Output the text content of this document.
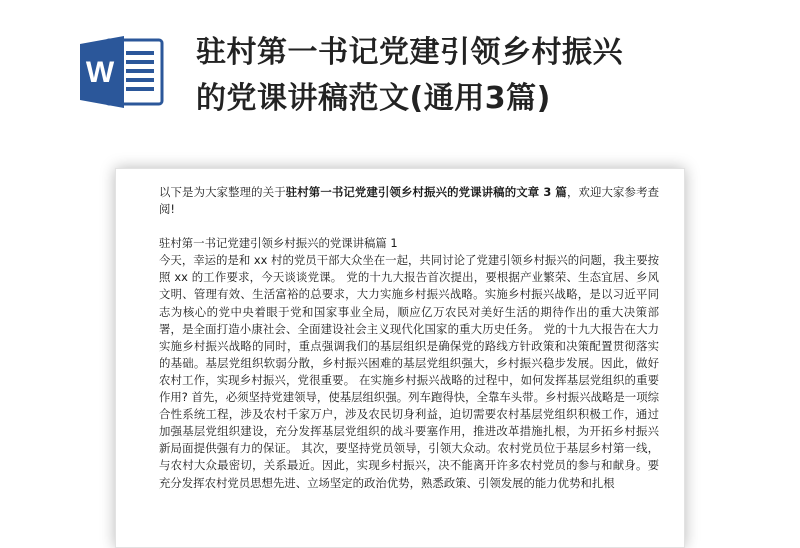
W
驻村第一书记党建引领乡村振兴
的党课讲稿范文(通用3篇)

以下是为大家整理的关于驻村第一书记党建引领乡村振兴的党课讲稿的文章 3 篇，欢迎大家参考查阅!

驻村第一书记党建引领乡村振兴的党课讲稿篇 1

今天，幸运的是和 xx 村的党员干部大众坐在一起，共同讨论了党建引领乡村振兴的问题，我主要按照 xx 的工作要求，今天谈谈党课。 党的十九大报告首次提出，要根据产业繁荣、生态宜居、乡风文明、管理有效、生活富裕的总要求，大力实施乡村振兴战略。实施乡村振兴战略，是以习近平同志为核心的党中央着眼于党和国家事业全局，顺应亿万农民对美好生活的期待作出的重大决策部署，是全面打造小康社会、全面建设社会主义现代化国家的重大历史任务。 党的十九大报告在大力实施乡村振兴战略的同时，重点强调我们的基层组织是确保党的路线方针政策和决策配置贯彻落实的基础。基层党组织软弱分散，乡村振兴困难的基层党组织强大，乡村振兴稳步发展。因此，做好农村工作，实现乡村振兴，党很重要。 在实施乡村振兴战略的过程中，如何发挥基层党组织的重要作用? 首先，必须坚持党建领导，使基层组织强。列车跑得快，全靠车头带。乡村振兴战略是一项综合性系统工程，涉及农村千家万户，涉及农民切身利益，迫切需要农村基层党组织积极工作，通过加强基层党组织建设，充分发挥基层党组织的战斗要塞作用，推进改革措施扎根，为开拓乡村振兴新局面提供强有力的保证。 其次，要坚持党员领导，引领大众动。农村党员位于基层乡村第一线，与农村大众最密切，关系最近。因此，实现乡村振兴，决不能离开许多农村党员的参与和献身。要充分发挥农村党员思想先进、立场坚定的政治优势，熟悉政策、引领发展的能力优势和扎根
